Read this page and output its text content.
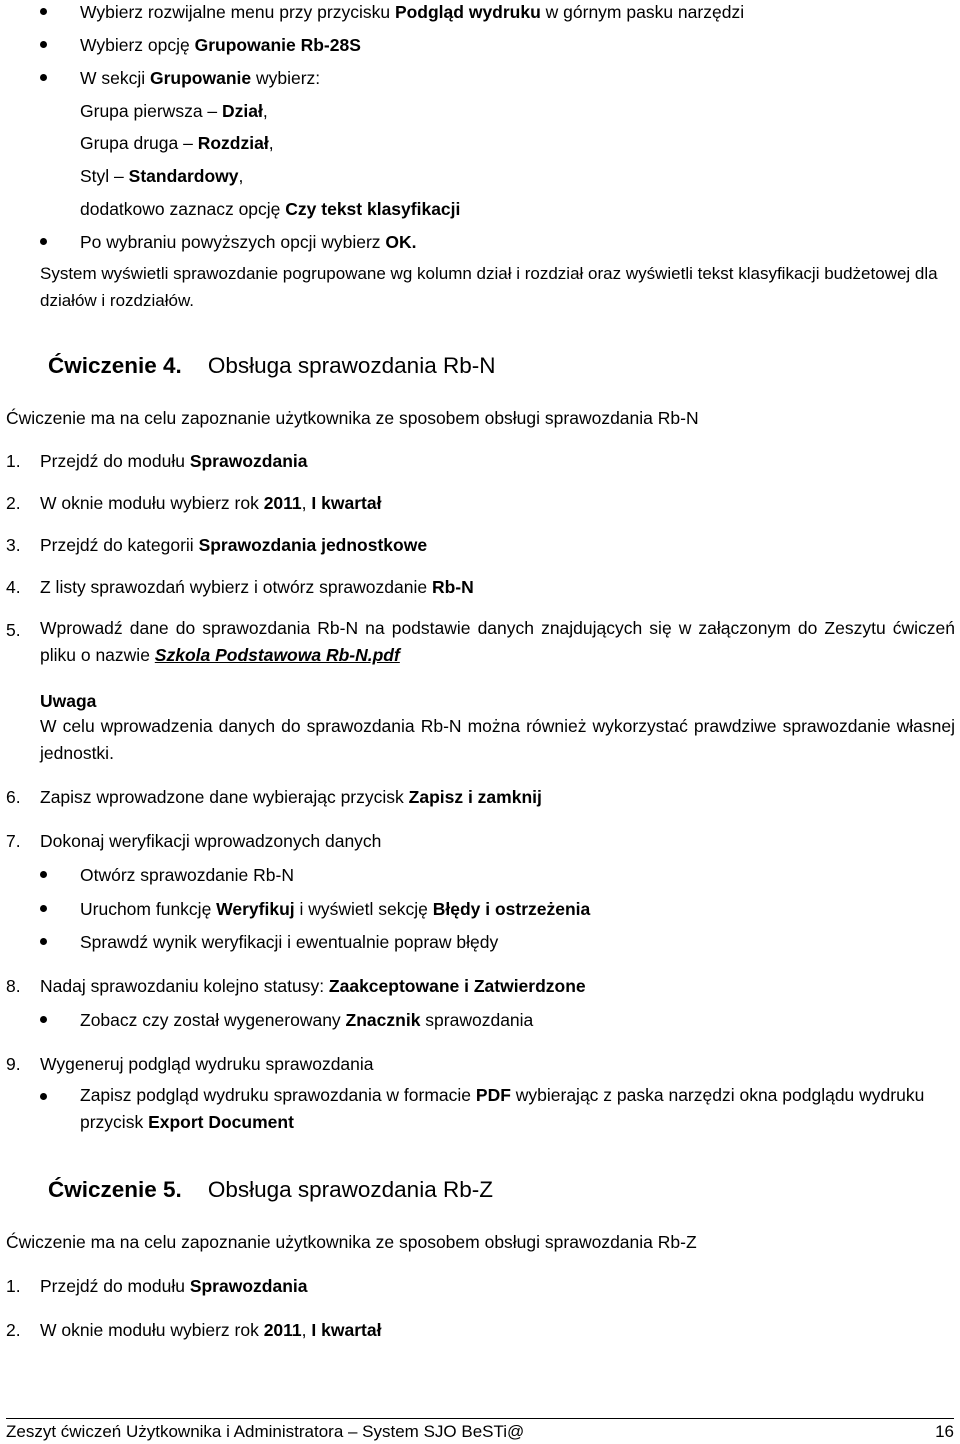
Wybierz rozwijalne menu przy przycisku Podgląd wydruku w górnym pasku narzędzi
Wybierz opcję Grupowanie Rb-28S
W sekcji Grupowanie wybierz:
Grupa pierwsza – Dział,
Grupa druga – Rozdział,
Styl – Standardowy,
dodatkowo zaznacz opcję Czy tekst klasyfikacji
Po wybraniu powyższych opcji wybierz OK.
System wyświetli sprawozdanie pogrupowane wg kolumn dział i rozdział oraz wyświetli tekst klasyfikacji budżetowej dla działów i rozdziałów.
Ćwiczenie 4. Obsługa sprawozdania Rb-N
Ćwiczenie ma na celu zapoznanie użytkownika ze sposobem obsługi sprawozdania Rb-N
1. Przejdź do modułu Sprawozdania
2. W oknie modułu wybierz rok 2011, I kwartał
3. Przejdź do kategorii Sprawozdania jednostkowe
4. Z listy sprawozdań wybierz i otwórz sprawozdanie Rb-N
5. Wprowadź dane do sprawozdania Rb-N na podstawie danych znajdujących się w załączonym do Zeszytu ćwiczeń pliku o nazwie Szkola Podstawowa Rb-N.pdf
Uwaga
W celu wprowadzenia danych do sprawozdania Rb-N można również wykorzystać prawdziwe sprawozdanie własnej jednostki.
6. Zapisz wprowadzone dane wybierając przycisk Zapisz i zamknij
7. Dokonaj weryfikacji wprowadzonych danych
Otwórz sprawozdanie Rb-N
Uruchom funkcję Weryfikuj i wyświetl sekcję Błędy i ostrzeżenia
Sprawdź wynik weryfikacji i ewentualnie popraw błędy
8. Nadaj sprawozdaniu kolejno statusy: Zaakceptowane i Zatwierdzone
Zobacz czy został wygenerowany Znacznik sprawozdania
9. Wygeneruj podgląd wydruku sprawozdania
Zapisz podgląd wydruku sprawozdania w formacie PDF wybierając z paska narzędzi okna podglądu wydruku przycisk Export Document
Ćwiczenie 5. Obsługa sprawozdania Rb-Z
Ćwiczenie ma na celu zapoznanie użytkownika ze sposobem obsługi sprawozdania Rb-Z
1. Przejdź do modułu Sprawozdania
2. W oknie modułu wybierz rok 2011, I kwartał
Zeszyt ćwiczeń Użytkownika i Administratora – System SJO BeSTi@	16
